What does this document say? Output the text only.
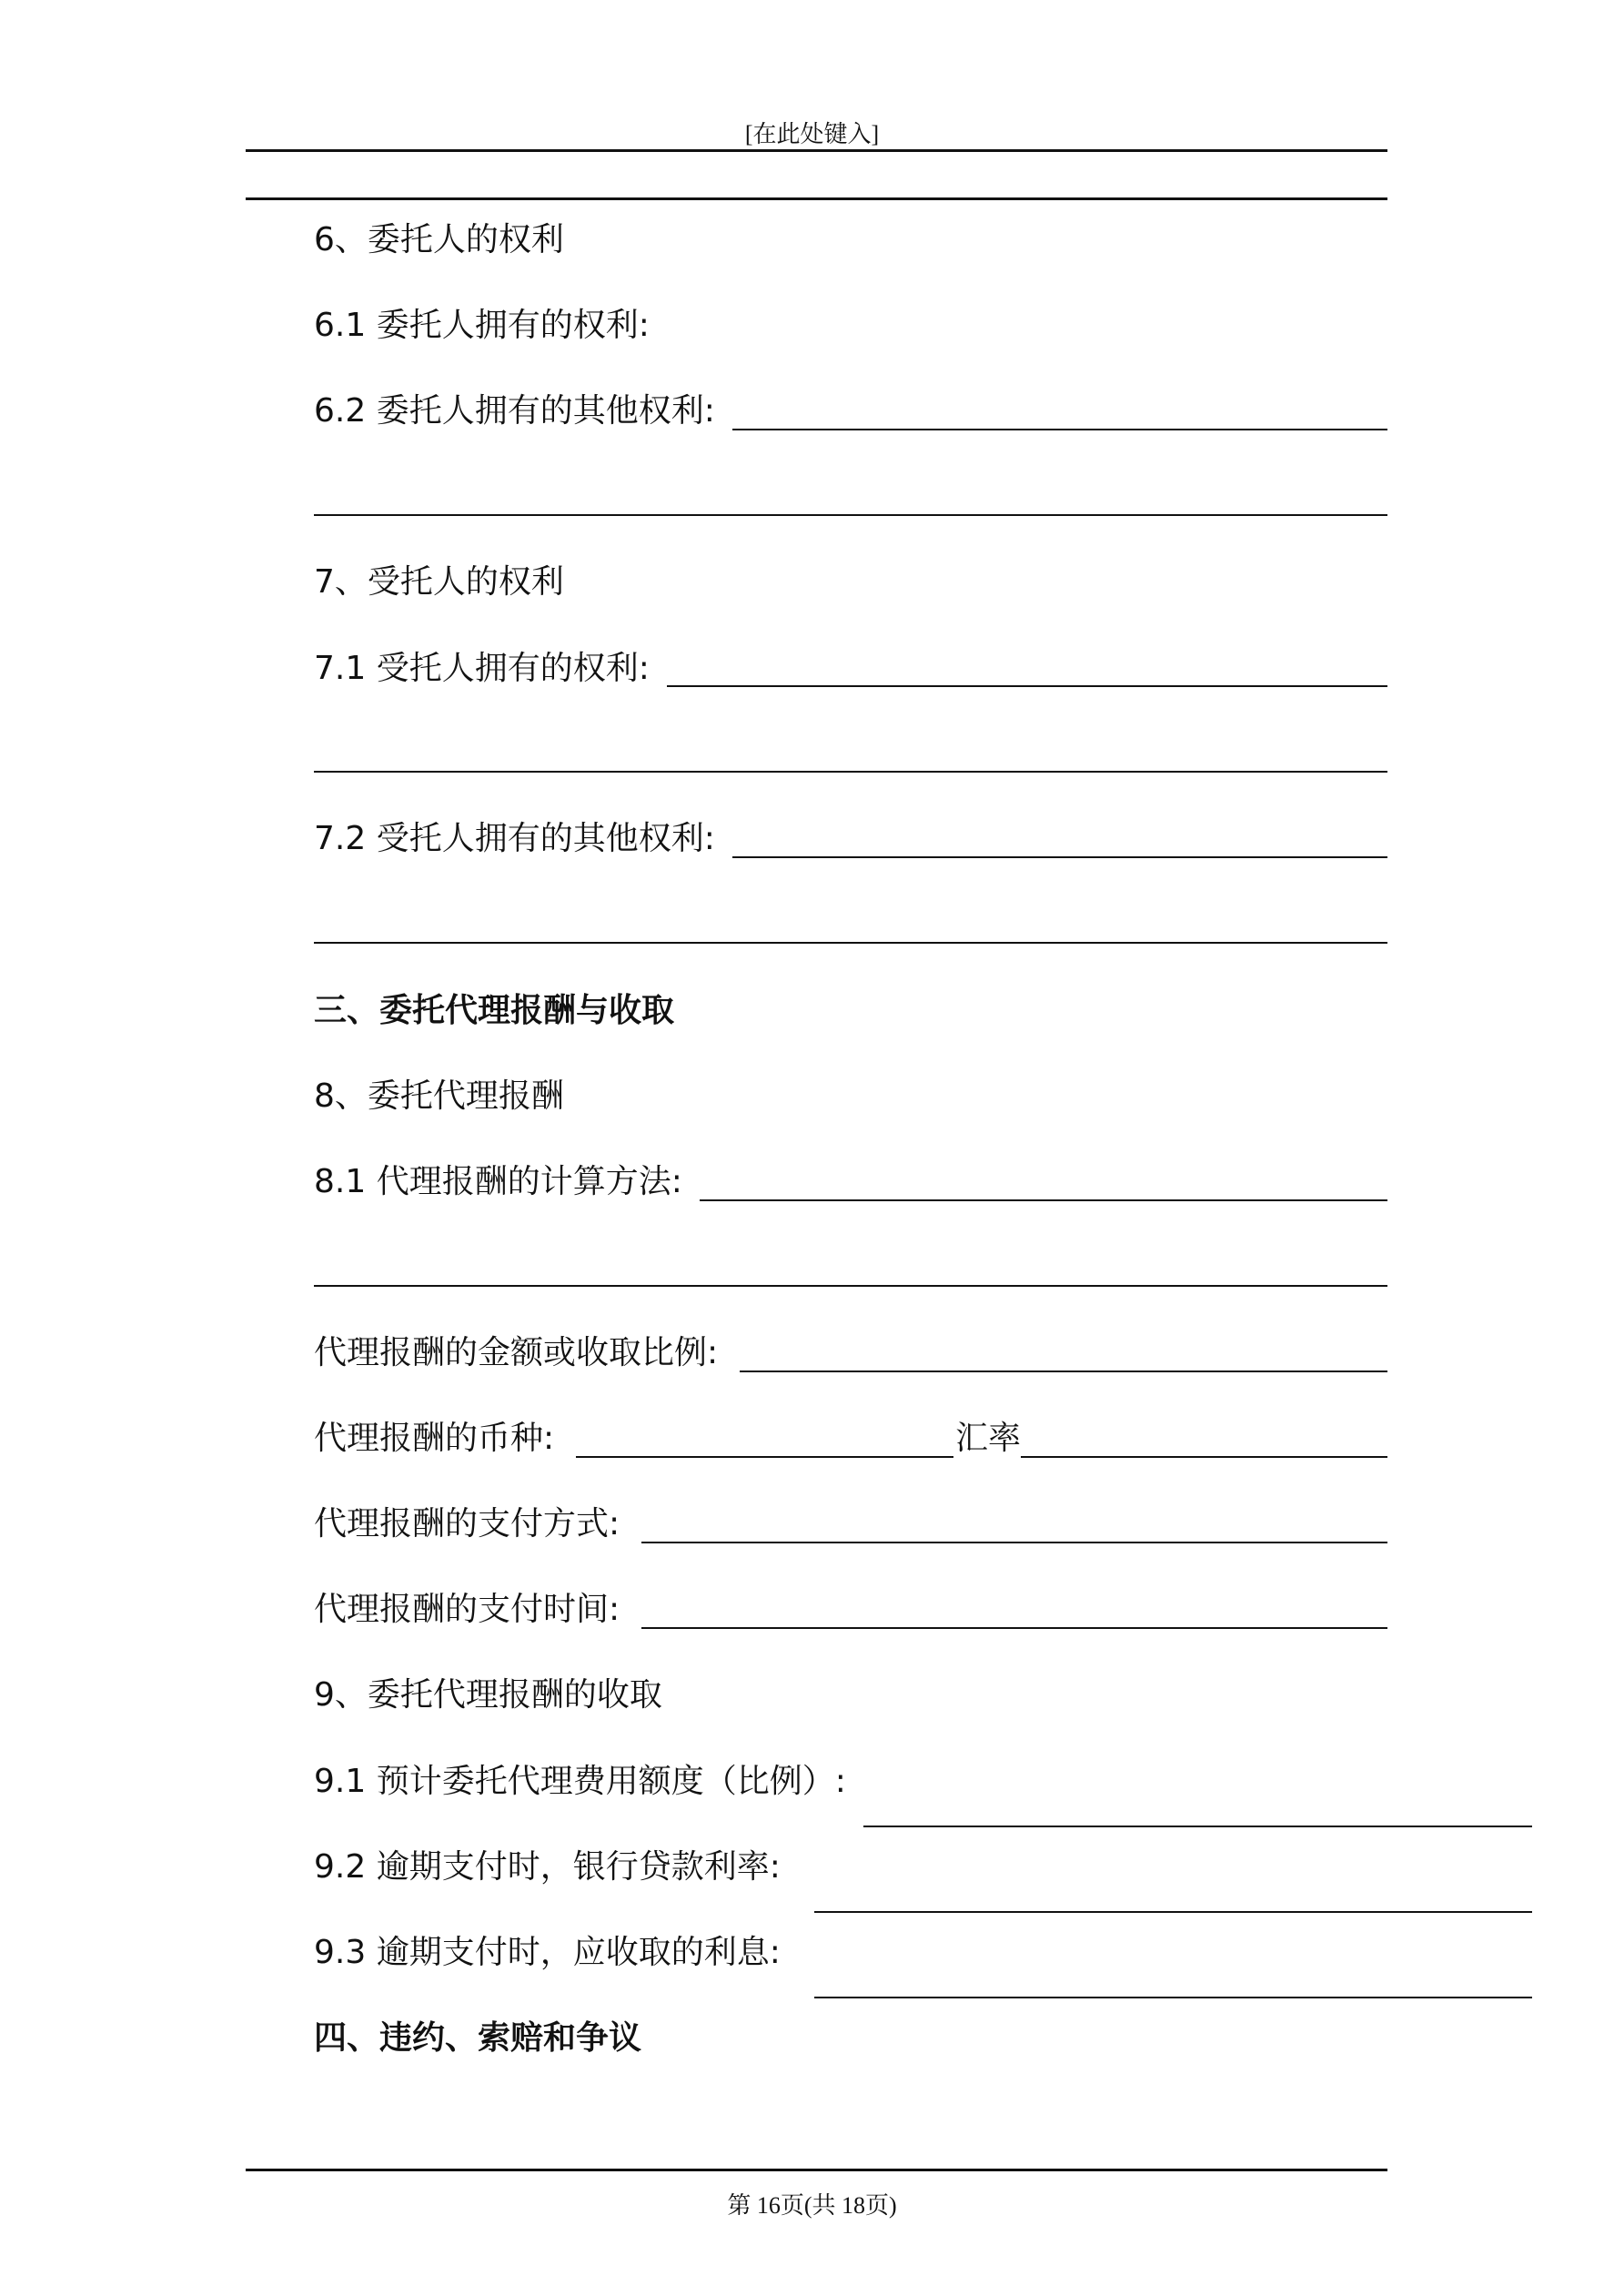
[在此处键入]
6、委托人的权利
6.1 委托人拥有的权利:
6.2 委托人拥有的其他权利:
7、受托人的权利
7.1 受托人拥有的权利:
7.2 受托人拥有的其他权利:
三、委托代理报酬与收取
8、委托代理报酬
8.1 代理报酬的计算方法:
代理报酬的金额或收取比例:
代理报酬的币种:	汇率
代理报酬的支付方式:
代理报酬的支付时间:
9、委托代理报酬的收取
9.1 预计委托代理费用额度（比例）:
9.2 逾期支付时，银行贷款利率:
9.3 逾期支付时，应收取的利息:
四、违约、索赔和争议
第 16页(共 18页)
